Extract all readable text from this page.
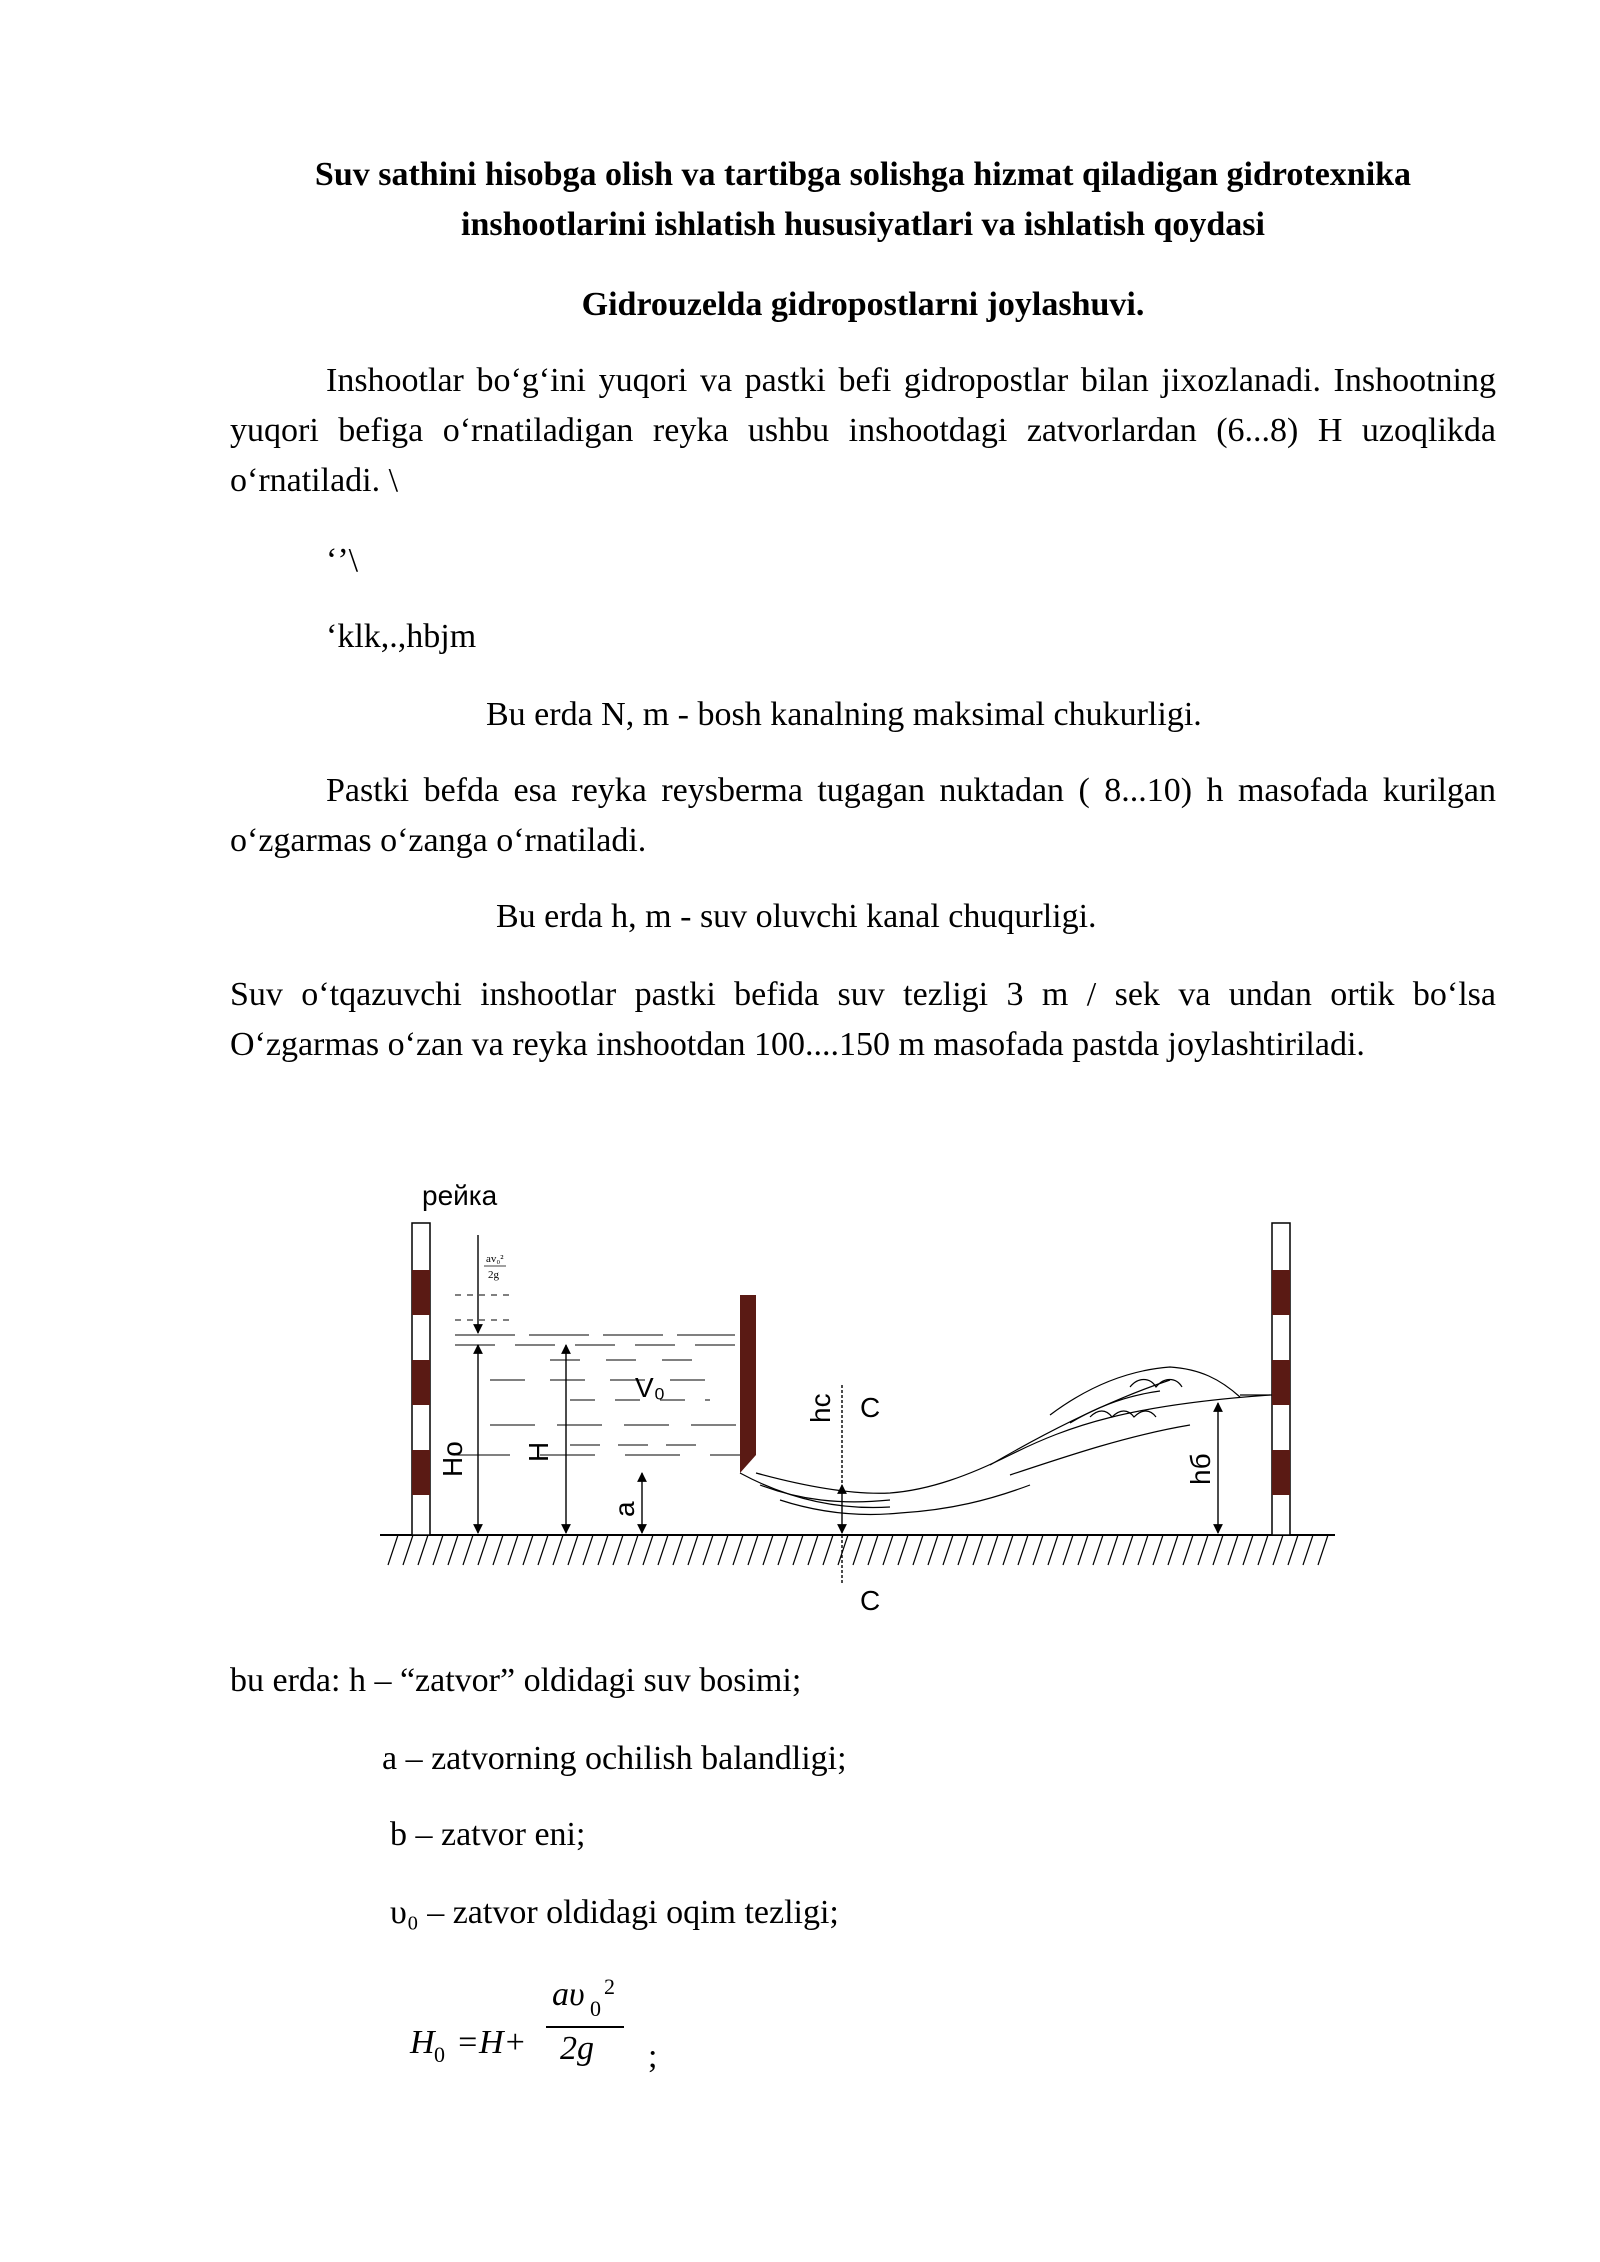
Suv sathini hisobga olish va tartibga solishga hizmat qiladigan gidrotexnika
inshootlarini ishlatish hususiyatlari va ishlatish qoydasi
Gidrouzelda gidropostlarni joylashuvi.
Inshootlar bo‘g‘ini yuqori va pastki befi gidropostlar bilan jixozlanadi. Inshootning yuqori befiga o‘rnatiladigan reyka ushbu inshootdagi zatvorlardan (6...8) H uzoqlikda o‘rnatiladi. \
‘’\
‘klk,.,hbjm
Bu erda N, m - bosh kanalning maksimal chukurligi.
Pastki befda esa reyka reysberma tugagan nuktadan ( 8...10) h masofada kurilgan o‘zgarmas o‘zanga o‘rnatiladi.
Bu erda h, m - suv oluvchi kanal chuqurligi.
Suv o‘tqazuvchi inshootlar pastki befida suv tezligi 3 m / sek va undan ortik bo‘lsa O‘zgarmas o‘zan va reyka inshootdan 100....150 m masofada pastda joylashtiriladi.
рейка
Ho H
a
hc
hб
V₀
C
C
av₀²
2g
bu erda: h – “zatvor” oldidagi suv bosimi;
a – zatvorning ochilish balandligi;
b – zatvor eni;
υ₀ – zatvor oldidagi oqim tezligi;
H 0 =H+
aυ 0
2
2g ;
